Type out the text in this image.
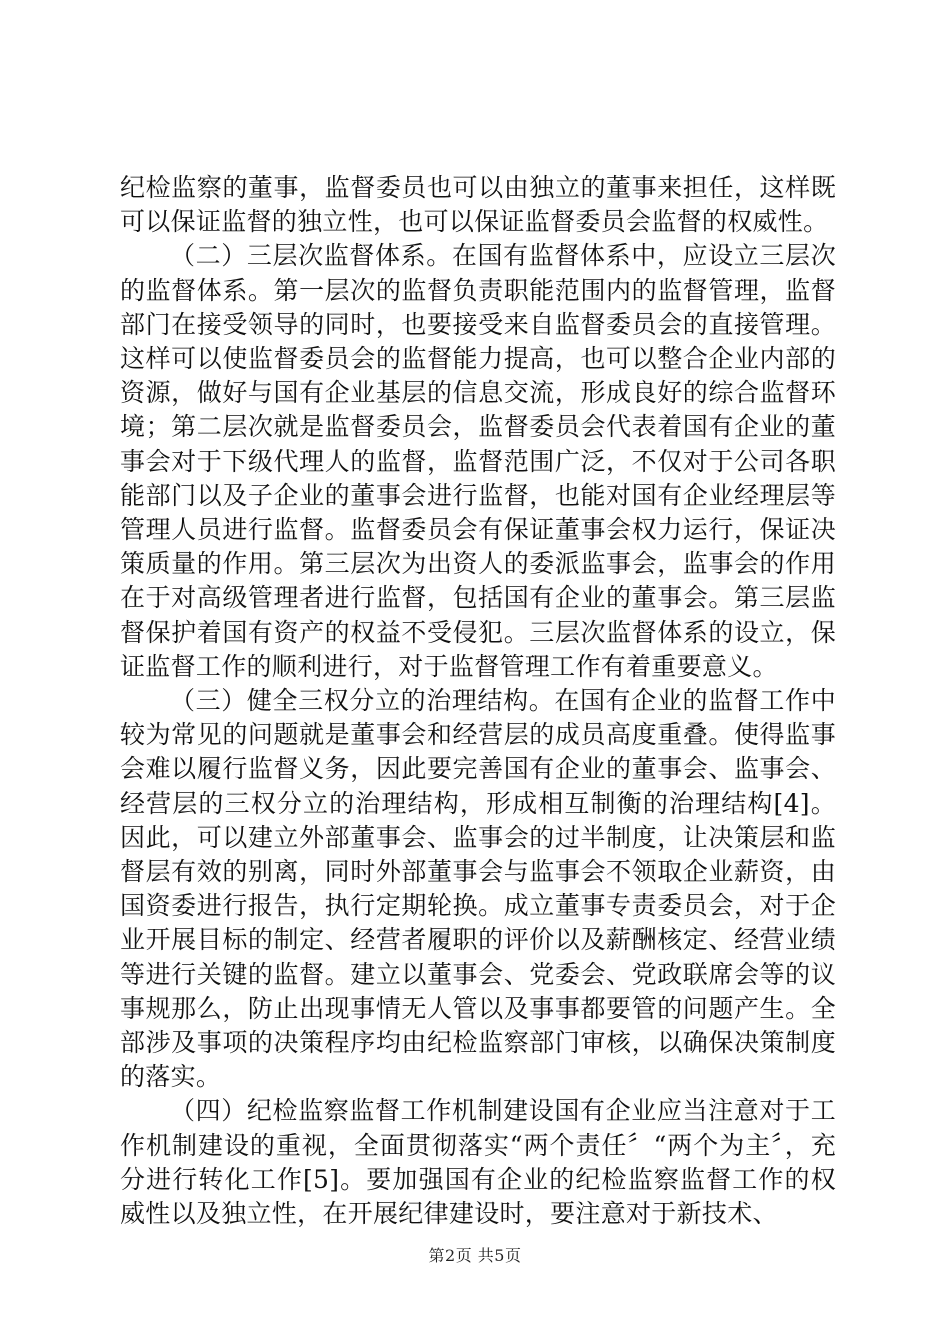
纪检监察的董事，监督委员也可以由独立的董事来担任，这样既可以保证监督的独立性，也可以保证监督委员会监督的权威性。

（二）三层次监督体系。在国有监督体系中，应设立三层次的监督体系。第一层次的监督负责职能范围内的监督管理，监督部门在接受领导的同时，也要接受来自监督委员会的直接管理。这样可以使监督委员会的监督能力提高，也可以整合企业内部的资源，做好与国有企业基层的信息交流，形成良好的综合监督环境；第二层次就是监督委员会，监督委员会代表着国有企业的董事会对于下级代理人的监督，监督范围广泛，不仅对于公司各职能部门以及子企业的董事会进行监督，也能对国有企业经理层等管理人员进行监督。监督委员会有保证董事会权力运行，保证决策质量的作用。第三层次为出资人的委派监事会，监事会的作用在于对高级管理者进行监督，包括国有企业的董事会。第三层监督保护着国有资产的权益不受侵犯。三层次监督体系的设立，保证监督工作的顺利进行，对于监督管理工作有着重要意义。

（三）健全三权分立的治理结构。在国有企业的监督工作中较为常见的问题就是董事会和经营层的成员高度重叠。使得监事会难以履行监督义务，因此要完善国有企业的董事会、监事会、经营层的三权分立的治理结构，形成相互制衡的治理结构[4]。因此，可以建立外部董事会、监事会的过半制度，让决策层和监督层有效的别离，同时外部董事会与监事会不领取企业薪资，由国资委进行报告，执行定期轮换。成立董事专责委员会，对于企业开展目标的制定、经营者履职的评价以及薪酬核定、经营业绩等进行关键的监督。建立以董事会、党委会、党政联席会等的议事规那么，防止出现事情无人管以及事事都要管的问题产生。全部涉及事项的决策程序均由纪检监察部门审核，以确保决策制度的落实。

（四）纪检监察监督工作机制建设国有企业应当注意对于工作机制建设的重视，全面贯彻落实“两个责任〞“两个为主〞，充分进行转化工作[5]。要加强国有企业的纪检监察监督工作的权威性以及独立性，在开展纪律建设时，要注意对于新技术、

第2页 共5页
